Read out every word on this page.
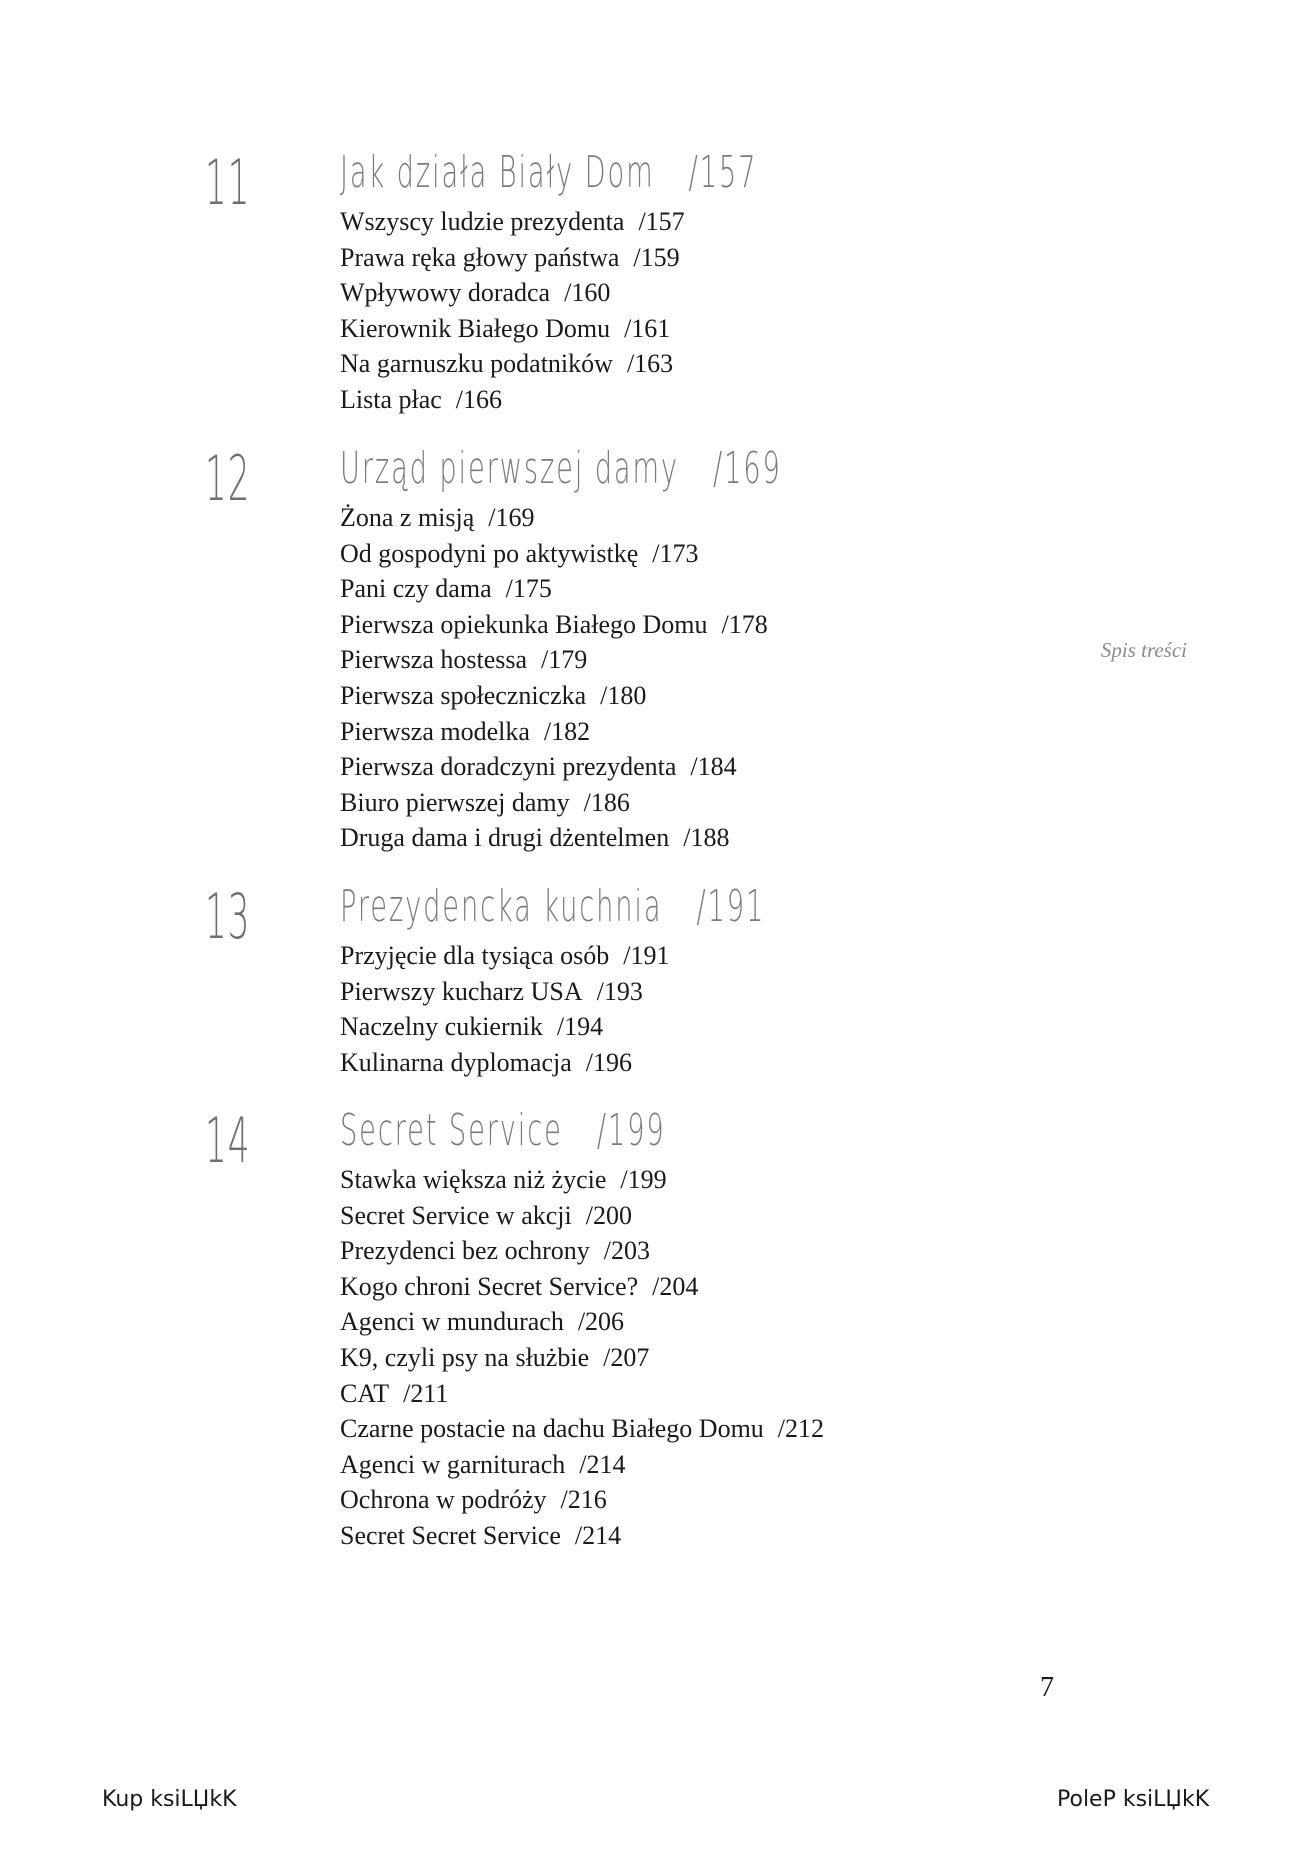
11 Jak działa Biały Dom /157
Wszyscy ludzie prezydenta /157
Prawa ręka głowy państwa /159
Wpływowy doradca /160
Kierownik Białego Domu /161
Na garnuszku podatników /163
Lista płac /166
12 Urząd pierwszej damy /169
Żona z misją /169
Od gospodyni po aktywistkę /173
Pani czy dama /175
Pierwsza opiekunka Białego Domu /178
Pierwsza hostessa /179
Pierwsza społeczniczka /180
Pierwsza modelka /182
Pierwsza doradczyni prezydenta /184
Biuro pierwszej damy /186
Druga dama i drugi dżentelmen /188
13 Prezydencka kuchnia /191
Przyjęcie dla tysiąca osób /191
Pierwszy kucharz USA /193
Naczelny cukiernik /194
Kulinarna dyplomacja /196
14 Secret Service /199
Stawka większa niż życie /199
Secret Service w akcji /200
Prezydenci bez ochrony /203
Kogo chroni Secret Service? /204
Agenci w mundurach /206
K9, czyli psy na służbie /207
CAT /211
Czarne postacie na dachu Białego Domu /212
Agenci w garniturach /214
Ochrona w podróży /216
Secret Secret Service /214
Spis treści
7
Kup ksiLЏkK	PoleP ksiLЏkK
